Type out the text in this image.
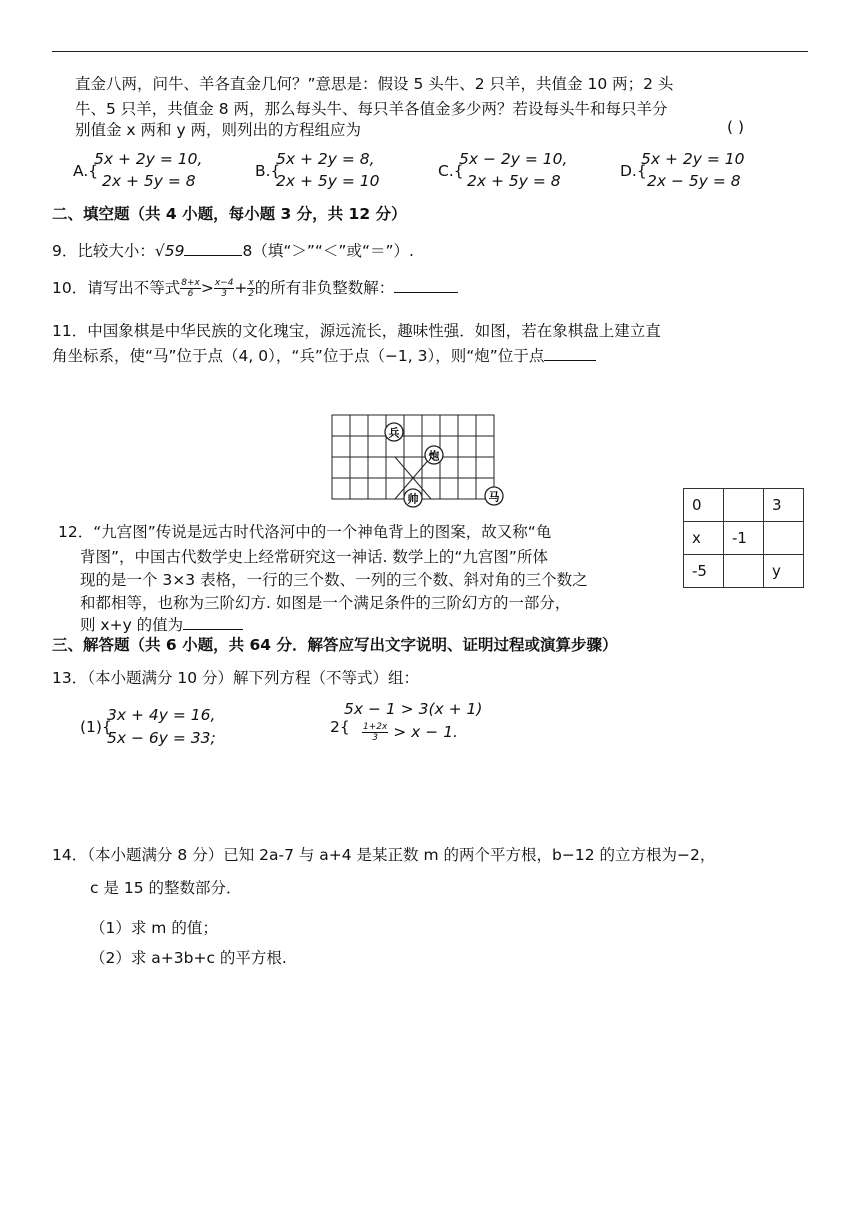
直金八两，问牛、羊各直金几何？”意思是：假设 5 头牛、2 只羊，共值金 10 两；2 头
牛、5 只羊，共值金 8 两，那么每头牛、每只羊各值金多少两？若设每头牛和每只羊分
别值金 x 两和 y 两，则列出的方程组应为	( )
A.{
5x + 2y = 10,
2x + 5y = 8
B.{
5x + 2y = 8,
2x + 5y = 10
C.{
5x − 2y = 10,
2x + 5y = 8
D.{
5x + 2y = 10
2x − 5y = 8
二、填空题（共 4 小题，每小题 3 分，共 12 分）
9．比较大小：√59	8（填“＞”“＜”或“＝”）.
10．请写出不等式 $\frac{8+x}{6} > \frac{x-4}{3} + \frac{x}{2}$ 的所有非负整数解：
11．中国象棋是中华民族的文化瑰宝，源远流长，趣味性强．如图，若在象棋盘上建立直
角坐标系，使“马”位于点（4, 0），“兵”位于点（−1, 3），则“炮”位于点
兵
炮
帅	马	0		3
x	-1	
-5		y
12．“九宫图”传说是远古时代洛河中的一个神龟背上的图案，故又称“龟
背图”，中国古代数学史上经常研究这一神话. 数学上的“九宫图”所体
现的是一个 3×3 表格，一行的三个数、一列的三个数、斜对角的三个数之
和都相等，也称为三阶幻方. 如图是一个满足条件的三阶幻方的一部分，
则 x+y 的值为
三、解答题（共 6 小题，共 64 分．解答应写出文字说明、证明过程或演算步骤）
13．（本小题满分 10 分）解下列方程（不等式）组：
(1){
3x + 4y = 16,
5x − 6y = 33;
2{
5x − 1 > 3(x + 1)
$\frac{1+2x}{3} > x - 1$.
14．（本小题满分 8 分）已知 2a-7 与 a+4 是某正数 m 的两个平方根，b−12 的立方根为−2，
c 是 15 的整数部分．
（1）求 m 的值；
（2）求 a+3b+c 的平方根.
